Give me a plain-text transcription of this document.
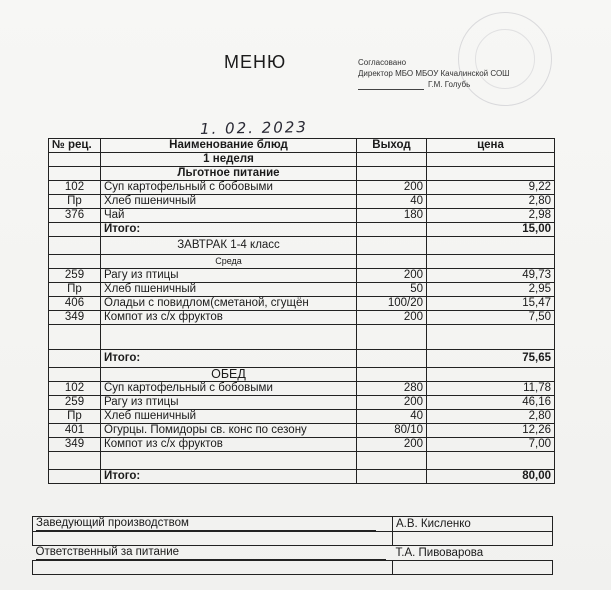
МЕНЮ	Согласовано
Директор МБО МБОУ Качалинской СОШ
Г.М. Голубь
1. 02. 2023
№ рец.	Наименование блюд	Выход	цена
	1 неделя		
	Льготное питание		
102	Суп картофельный с бобовыми	200	9,22
Пр	Хлеб пшеничный	40	2,80
376	Чай	180	2,98
	Итого:		15,00
	ЗАВТРАК 1-4 класс		
	Среда		
259	Рагу из птицы	200	49,73
Пр	Хлеб пшеничный	50	2,95
406	Оладьи с повидлом(сметаной, сгущён	100/20	15,47
349	Компот из с/х фруктов	200	7,50

	Итого:		75,65
	ОБЕД		
102	Суп картофельный с бобовыми	280	11,78
259	Рагу из птицы	200	46,16
Пр	Хлеб пшеничный	40	2,80
401	Огурцы. Помидоры св. конс по сезону	80/10	12,26
349	Компот из с/х фруктов	200	7,00

	Итого:		80,00
Заведующий производством	А.В. Кисленко

Ответственный за питание	Т.А. Пивоварова
